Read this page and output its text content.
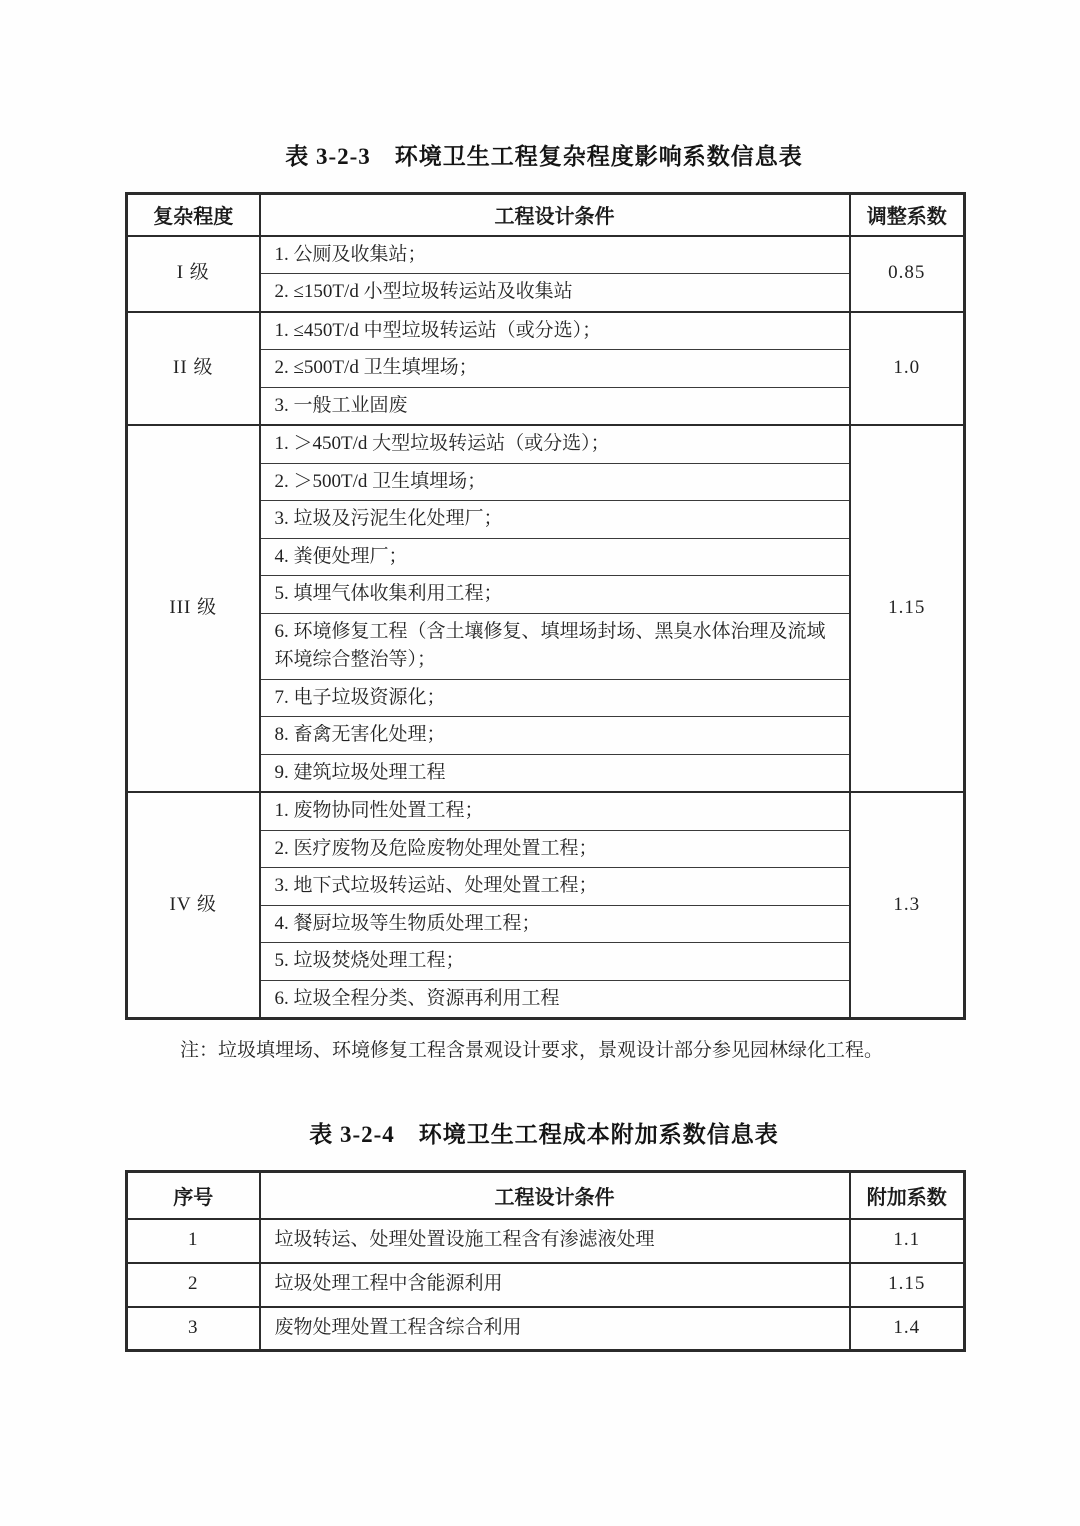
表 3-2-3　环境卫生工程复杂程度影响系数信息表
复杂程度	工程设计条件	调整系数
I 级	1. 公厕及收集站；	0.85
	2. ≤150T/d 小型垃圾转运站及收集站	
II 级	1. ≤450T/d 中型垃圾转运站（或分选）；	1.0
	2. ≤500T/d 卫生填埋场；	
	3. 一般工业固废	
III 级	1. ＞450T/d 大型垃圾转运站（或分选）；	1.15
	2. ＞500T/d 卫生填埋场；	
	3. 垃圾及污泥生化处理厂；	
	4. 粪便处理厂；	
	5. 填埋气体收集利用工程；	
	6. 环境修复工程（含土壤修复、填埋场封场、黑臭水体治理及流域环境综合整治等）；	
	7. 电子垃圾资源化；	
	8. 畜禽无害化处理；	
	9. 建筑垃圾处理工程	
IV 级	1. 废物协同性处置工程；	1.3
	2. 医疗废物及危险废物处理处置工程；	
	3. 地下式垃圾转运站、处理处置工程；	
	4. 餐厨垃圾等生物质处理工程；	
	5. 垃圾焚烧处理工程；	
	6. 垃圾全程分类、资源再利用工程	

注：垃圾填埋场、环境修复工程含景观设计要求，景观设计部分参见园林绿化工程。

表 3-2-4　环境卫生工程成本附加系数信息表
序号	工程设计条件	附加系数
1	垃圾转运、处理处置设施工程含有渗滤液处理	1.1
2	垃圾处理工程中含能源利用	1.15
3	废物处理处置工程含综合利用	1.4
